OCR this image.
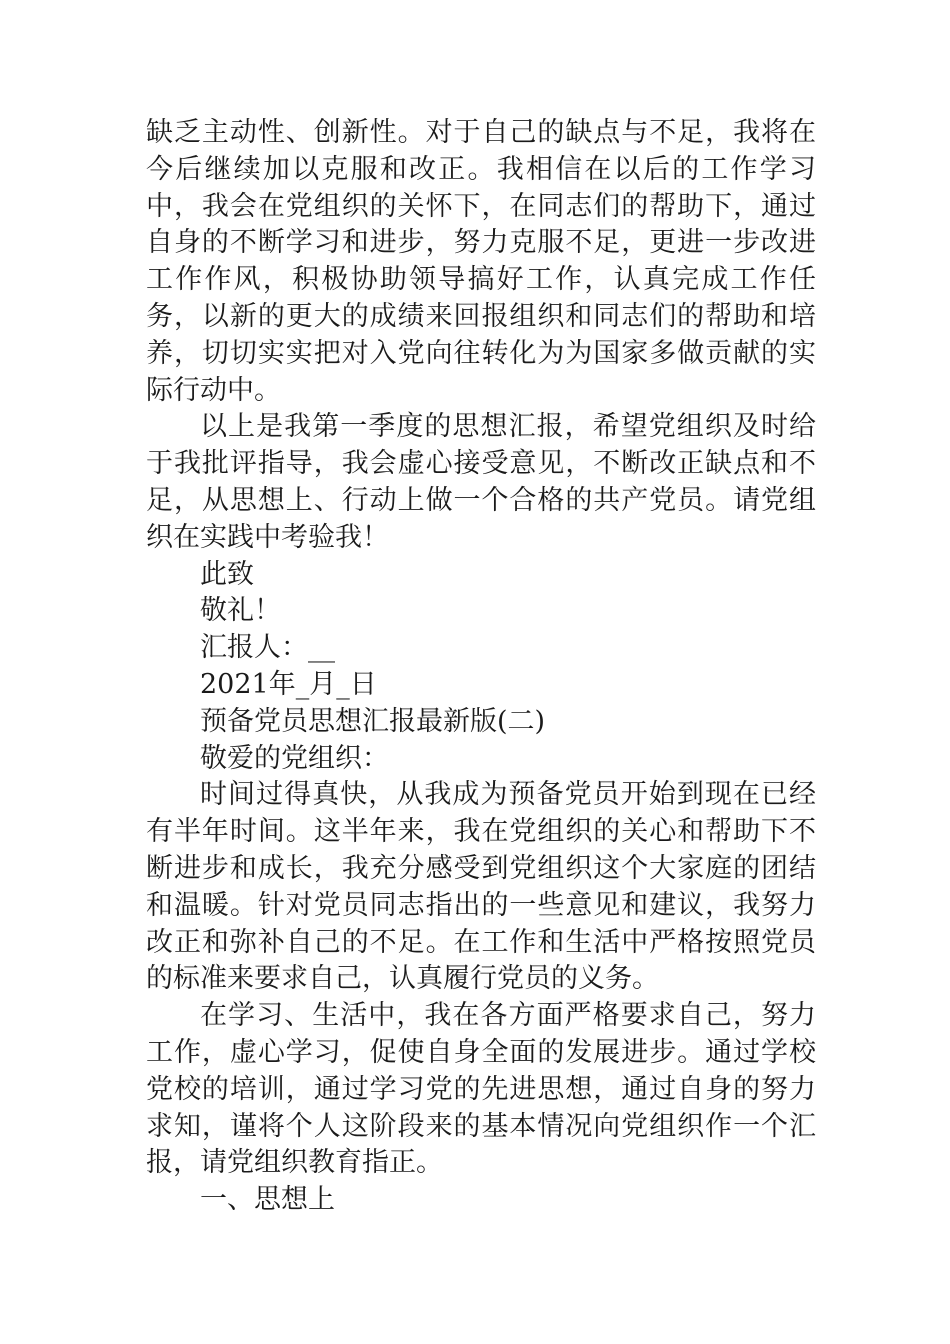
缺乏主动性、创新性。对于自己的缺点与不足，我将在今后继续加以克服和改正。我相信在以后的工作学习中，我会在党组织的关怀下，在同志们的帮助下，通过自身的不断学习和进步，努力克服不足，更进一步改进工作作风，积极协助领导搞好工作，认真完成工作任务，以新的更大的成绩来回报组织和同志们的帮助和培养，切切实实把对入党向往转化为为国家多做贡献的实际行动中。

以上是我第一季度的思想汇报，希望党组织及时给于我批评指导，我会虚心接受意见，不断改正缺点和不足，从思想上、行动上做一个合格的共产党员。请党组织在实践中考验我！

此致

敬礼！

汇报人：__

2021年_月_日

预备党员思想汇报最新版(二)

敬爱的党组织：

时间过得真快，从我成为预备党员开始到现在已经有半年时间。这半年来，我在党组织的关心和帮助下不断进步和成长，我充分感受到党组织这个大家庭的团结和温暖。针对党员同志指出的一些意见和建议，我努力改正和弥补自己的不足。在工作和生活中严格按照党员的标准来要求自己，认真履行党员的义务。

在学习、生活中，我在各方面严格要求自己，努力工作，虚心学习，促使自身全面的发展进步。通过学校党校的培训，通过学习党的先进思想，通过自身的努力求知，谨将个人这阶段来的基本情况向党组织作一个汇报，请党组织教育指正。

一、思想上
